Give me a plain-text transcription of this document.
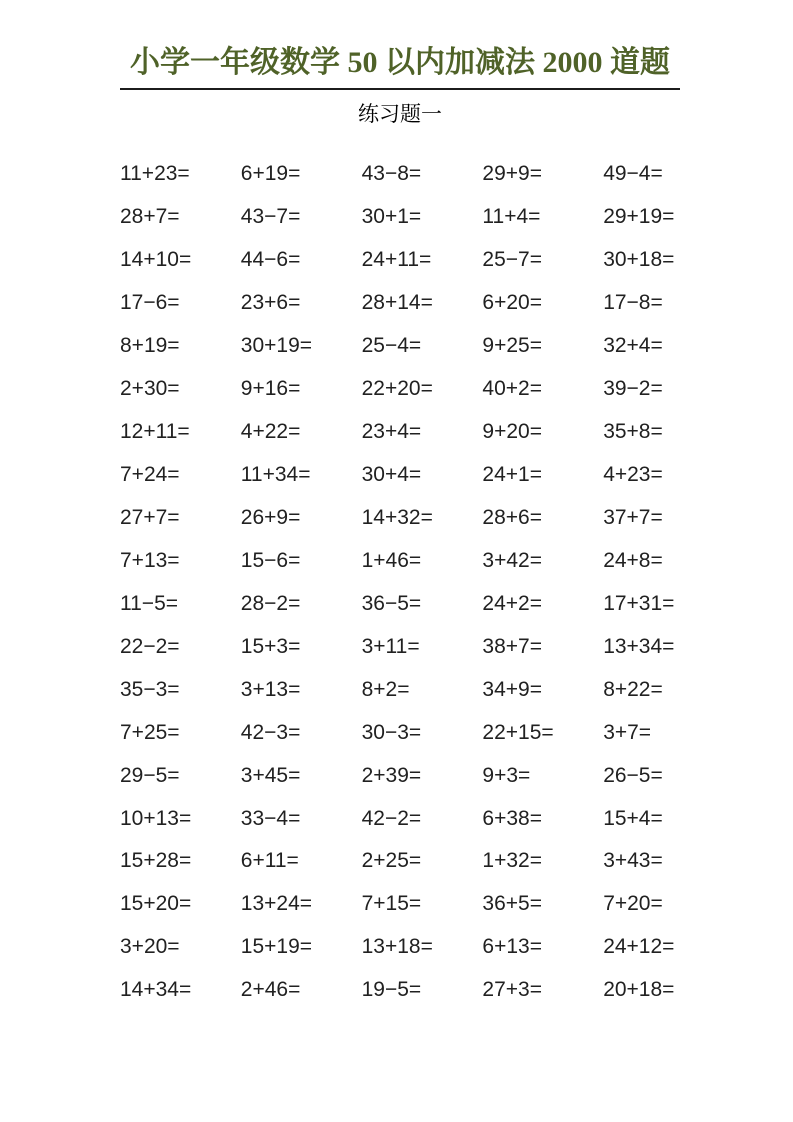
小学一年级数学 50 以内加减法 2000 道题
练习题一
11+23=	6+19=	43−8=	29+9=	49−4=
28+7=	43−7=	30+1=	11+4=	29+19=
14+10=	44−6=	24+11=	25−7=	30+18=
17−6=	23+6=	28+14=	6+20=	17−8=
8+19=	30+19=	25−4=	9+25=	32+4=
2+30=	9+16=	22+20=	40+2=	39−2=
12+11=	4+22=	23+4=	9+20=	35+8=
7+24=	11+34=	30+4=	24+1=	4+23=
27+7=	26+9=	14+32=	28+6=	37+7=
7+13=	15−6=	1+46=	3+42=	24+8=
11−5=	28−2=	36−5=	24+2=	17+31=
22−2=	15+3=	3+11=	38+7=	13+34=
35−3=	3+13=	8+2=	34+9=	8+22=
7+25=	42−3=	30−3=	22+15=	3+7=
29−5=	3+45=	2+39=	9+3=	26−5=
10+13=	33−4=	42−2=	6+38=	15+4=
15+28=	6+11=	2+25=	1+32=	3+43=
15+20=	13+24=	7+15=	36+5=	7+20=
3+20=	15+19=	13+18=	6+13=	24+12=
14+34=	2+46=	19−5=	27+3=	20+18=
